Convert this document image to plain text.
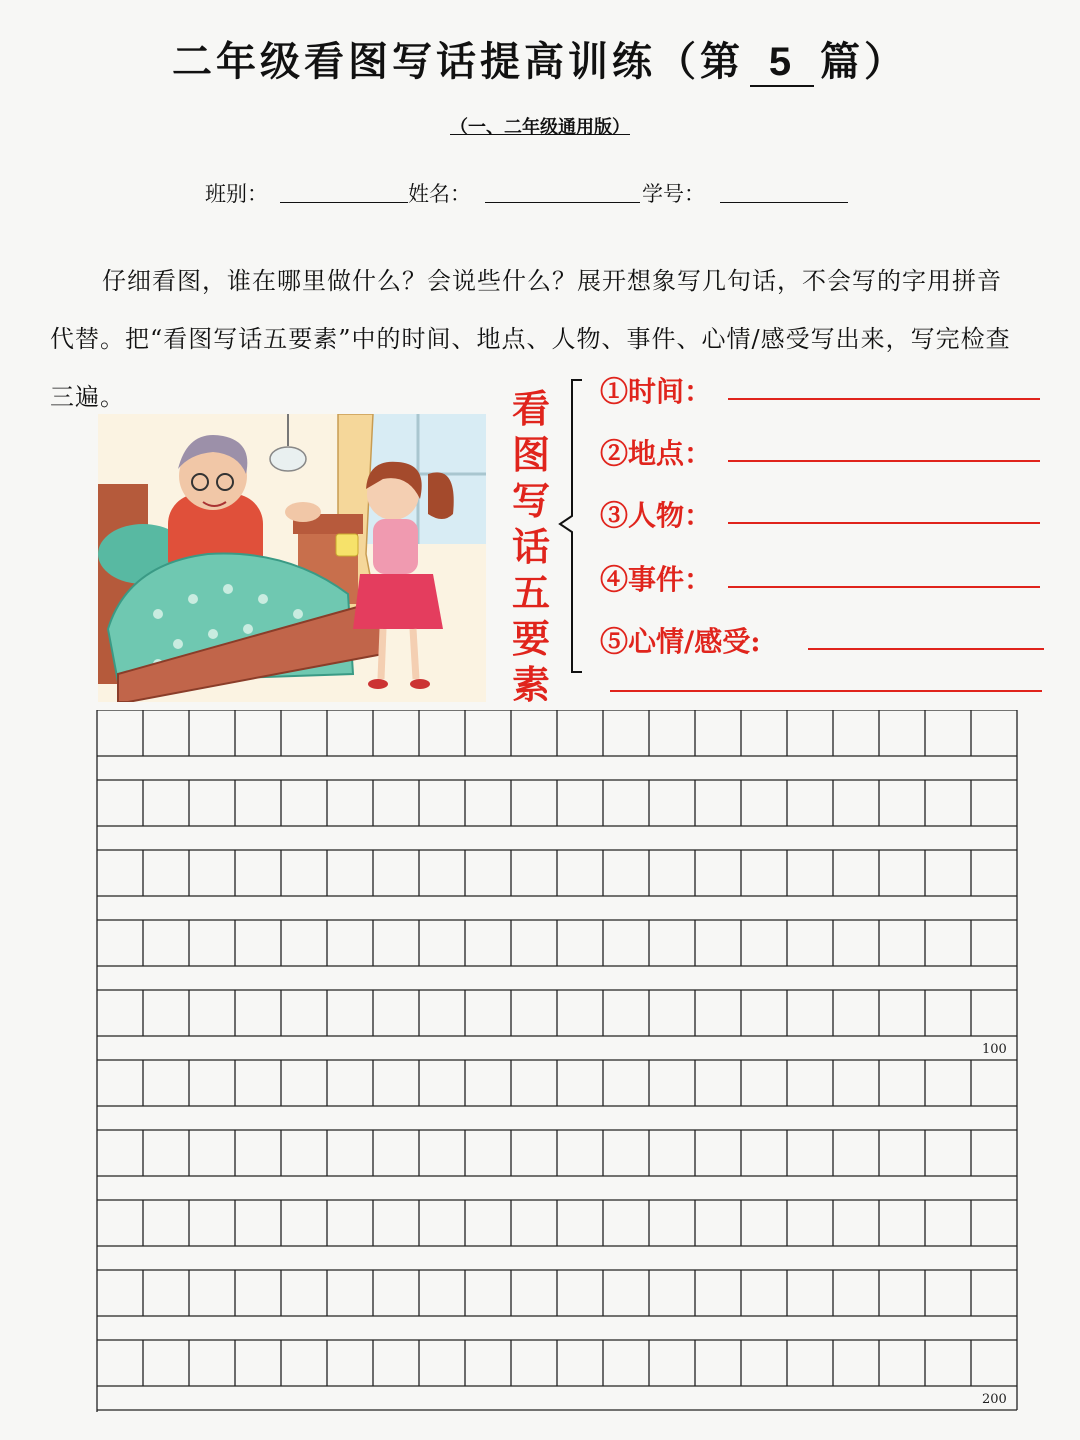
二年级看图写话提高训练（第 5 篇）
（一、二年级通用版）
班别：	姓名：	学号：

仔细看图，谁在哪里做什么？会说些什么？展开想象写几句话，不会写的字用拼音代替。把“看图写话五要素”中的时间、地点、人物、事件、心情/感受写出来，写完检查三遍。	看
图
写
话
五
要
素
①时间：
②地点：
③人物：
④事件：
⑤心情/感受:
100
200
